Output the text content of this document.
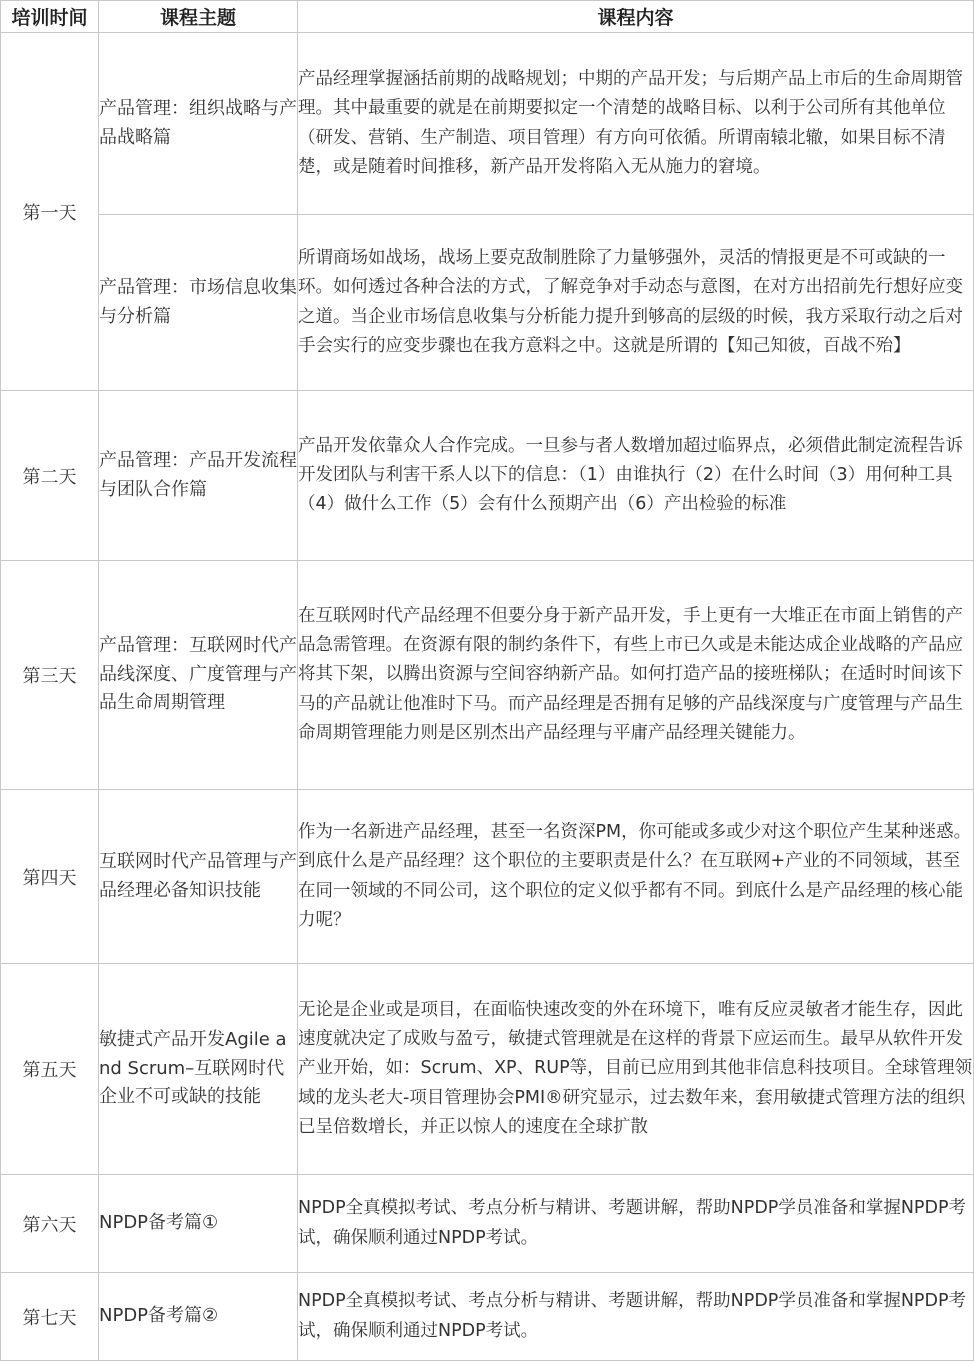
培训时间	课程主题	课程内容
第一天	产品管理：组织战略与产品战略篇	产品经理掌握涵括前期的战略规划；中期的产品开发；与后期产品上市后的生命周期管理。其中最重要的就是在前期要拟定一个清楚的战略目标、以利于公司所有其他单位（研发、营销、生产制造、项目管理）有方向可依循。所谓南辕北辙，如果目标不清楚，或是随着时间推移，新产品开发将陷入无从施力的窘境。
	产品管理：市场信息收集与分析篇	所谓商场如战场，战场上要克敌制胜除了力量够强外，灵活的情报更是不可或缺的一环。如何透过各种合法的方式，了解竞争对手动态与意图，在对方出招前先行想好应变之道。当企业市场信息收集与分析能力提升到够高的层级的时候，我方采取行动之后对手会实行的应变步骤也在我方意料之中。这就是所谓的【知己知彼，百战不殆】
第二天	产品管理：产品开发流程与团队合作篇	产品开发依靠众人合作完成。一旦参与者人数增加超过临界点，必须借此制定流程告诉开发团队与利害干系人以下的信息：（1）由谁执行（2）在什么时间（3）用何种工具（4）做什么工作（5）会有什么预期产出（6）产出检验的标准
第三天	产品管理：互联网时代产品线深度、广度管理与产品生命周期管理	在互联网时代产品经理不但要分身于新产品开发，手上更有一大堆正在市面上销售的产品急需管理。在资源有限的制约条件下，有些上市已久或是未能达成企业战略的产品应将其下架，以腾出资源与空间容纳新产品。如何打造产品的接班梯队；在适时时间该下马的产品就让他准时下马。而产品经理是否拥有足够的产品线深度与广度管理与产品生命周期管理能力则是区别杰出产品经理与平庸产品经理关键能力。
第四天	互联网时代产品管理与产品经理必备知识技能	作为一名新进产品经理，甚至一名资深PM，你可能或多或少对这个职位产生某种迷惑。到底什么是产品经理？这个职位的主要职责是什么？在互联网+产业的不同领域，甚至在同一领域的不同公司，这个职位的定义似乎都有不同。到底什么是产品经理的核心能力呢？
第五天	敏捷式产品开发Agile and Scrum–互联网时代企业不可或缺的技能	无论是企业或是项目，在面临快速改变的外在环境下，唯有反应灵敏者才能生存，因此速度就决定了成败与盈亏，敏捷式管理就是在这样的背景下应运而生。最早从软件开发产业开始，如：Scrum、XP、RUP等，目前已应用到其他非信息科技项目。全球管理领域的龙头老大-项目管理协会PMI®研究显示，过去数年来，套用敏捷式管理方法的组织已呈倍数增长，并正以惊人的速度在全球扩散
第六天	NPDP备考篇①	NPDP全真模拟考试、考点分析与精讲、考题讲解，帮助NPDP学员准备和掌握NPDP考试，确保顺利通过NPDP考试。
第七天	NPDP备考篇②	NPDP全真模拟考试、考点分析与精讲、考题讲解，帮助NPDP学员准备和掌握NPDP考试，确保顺利通过NPDP考试。
